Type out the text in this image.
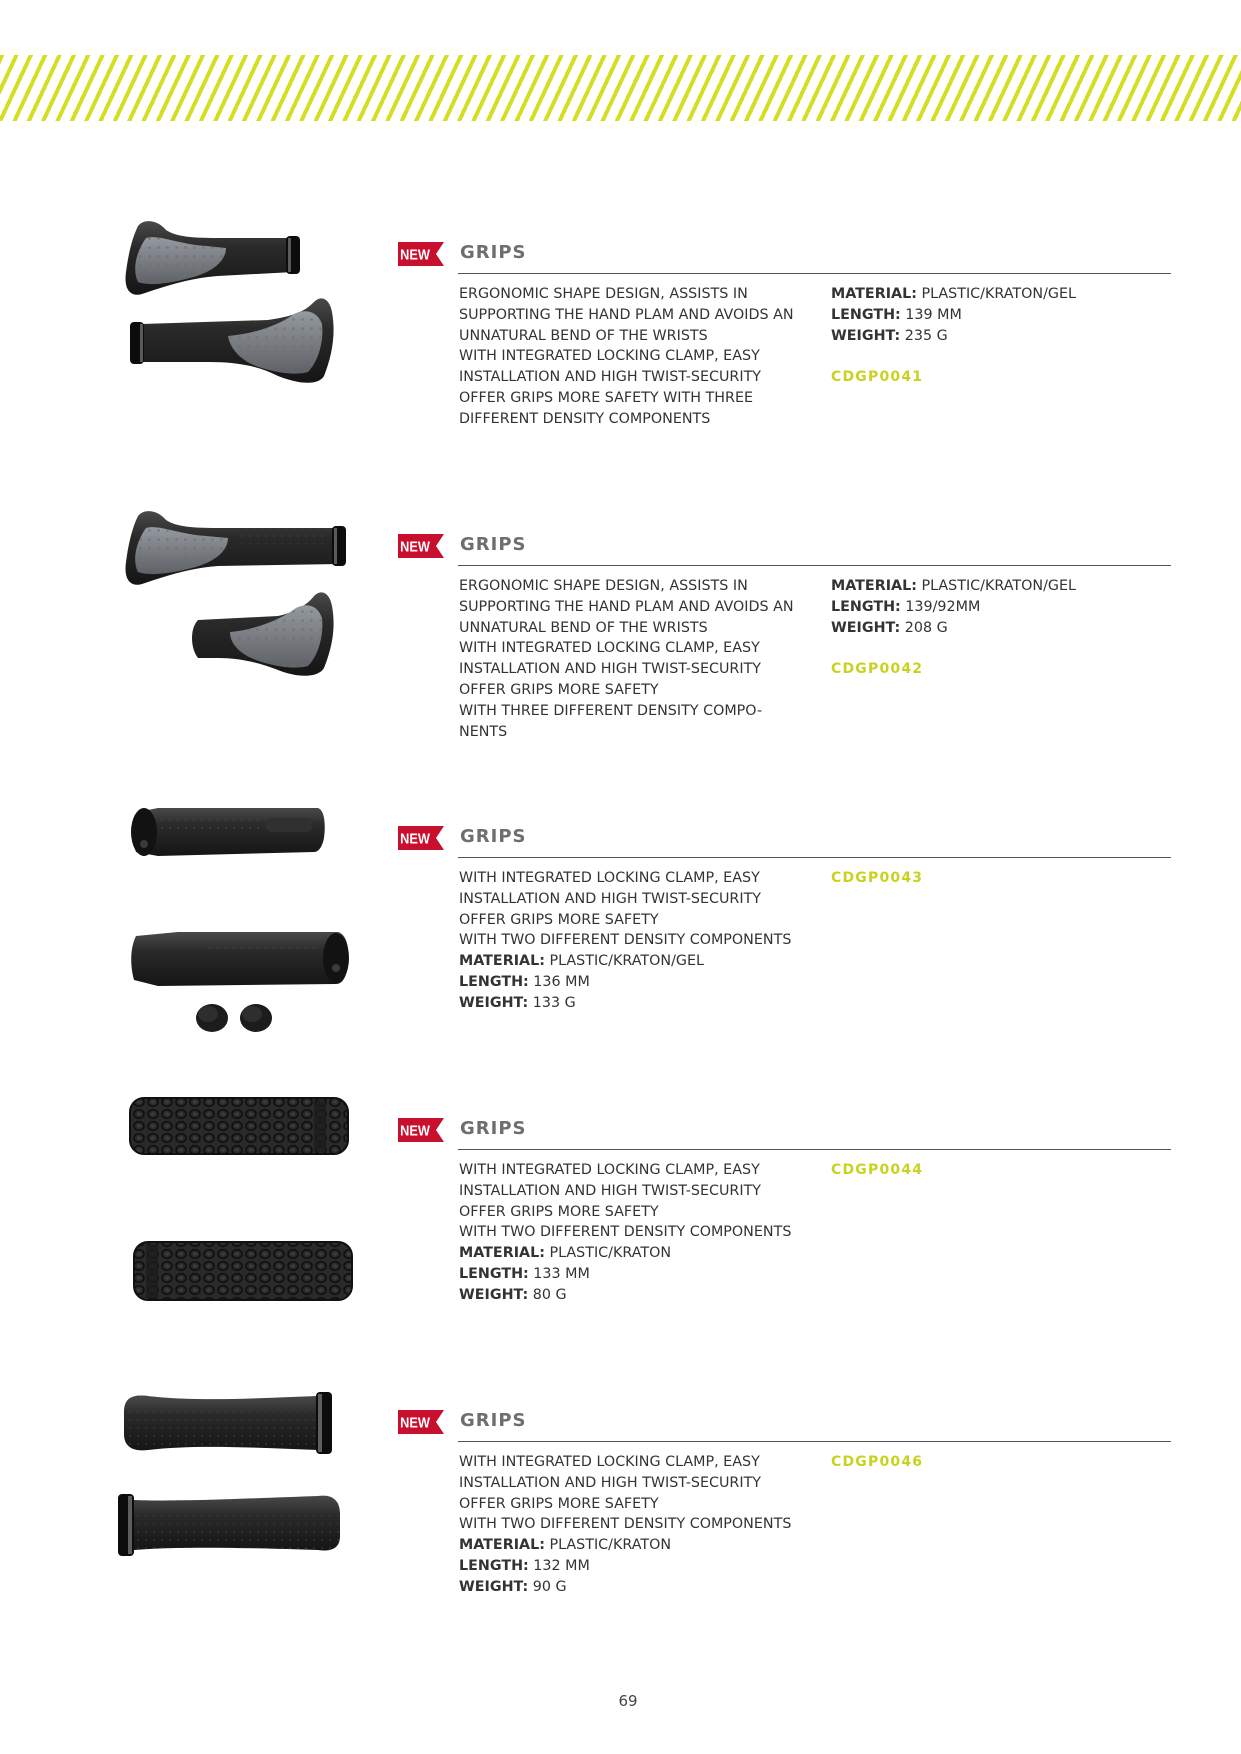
NEW GRIPS
ERGONOMIC SHAPE DESIGN, ASSISTS IN
SUPPORTING THE HAND PLAM AND AVOIDS AN
UNNATURAL BEND OF THE WRISTS
WITH INTEGRATED LOCKING CLAMP, EASY
INSTALLATION AND HIGH TWIST-SECURITY
OFFER GRIPS MORE SAFETY WITH THREE
DIFFERENT DENSITY COMPONENTS
MATERIAL: PLASTIC/KRATON/GEL
LENGTH: 139 MM
WEIGHT: 235 G
CDGP0041
NEW GRIPS
ERGONOMIC SHAPE DESIGN, ASSISTS IN
SUPPORTING THE HAND PLAM AND AVOIDS AN
UNNATURAL BEND OF THE WRISTS
WITH INTEGRATED LOCKING CLAMP, EASY
INSTALLATION AND HIGH TWIST-SECURITY
OFFER GRIPS MORE SAFETY
WITH THREE DIFFERENT DENSITY COMPO-
NENTS
MATERIAL: PLASTIC/KRATON/GEL
LENGTH: 139/92MM
WEIGHT: 208 G
CDGP0042
NEW GRIPS
WITH INTEGRATED LOCKING CLAMP, EASY
INSTALLATION AND HIGH TWIST-SECURITY
OFFER GRIPS MORE SAFETY
WITH TWO DIFFERENT DENSITY COMPONENTS
MATERIAL: PLASTIC/KRATON/GEL
LENGTH: 136 MM
WEIGHT: 133 G
CDGP0043
NEW GRIPS
WITH INTEGRATED LOCKING CLAMP, EASY
INSTALLATION AND HIGH TWIST-SECURITY
OFFER GRIPS MORE SAFETY
WITH TWO DIFFERENT DENSITY COMPONENTS
MATERIAL: PLASTIC/KRATON
LENGTH: 133 MM
WEIGHT: 80 G
CDGP0044
NEW GRIPS
WITH INTEGRATED LOCKING CLAMP, EASY
INSTALLATION AND HIGH TWIST-SECURITY
OFFER GRIPS MORE SAFETY
WITH TWO DIFFERENT DENSITY COMPONENTS
MATERIAL: PLASTIC/KRATON
LENGTH: 132 MM
WEIGHT: 90 G
CDGP0046
69
